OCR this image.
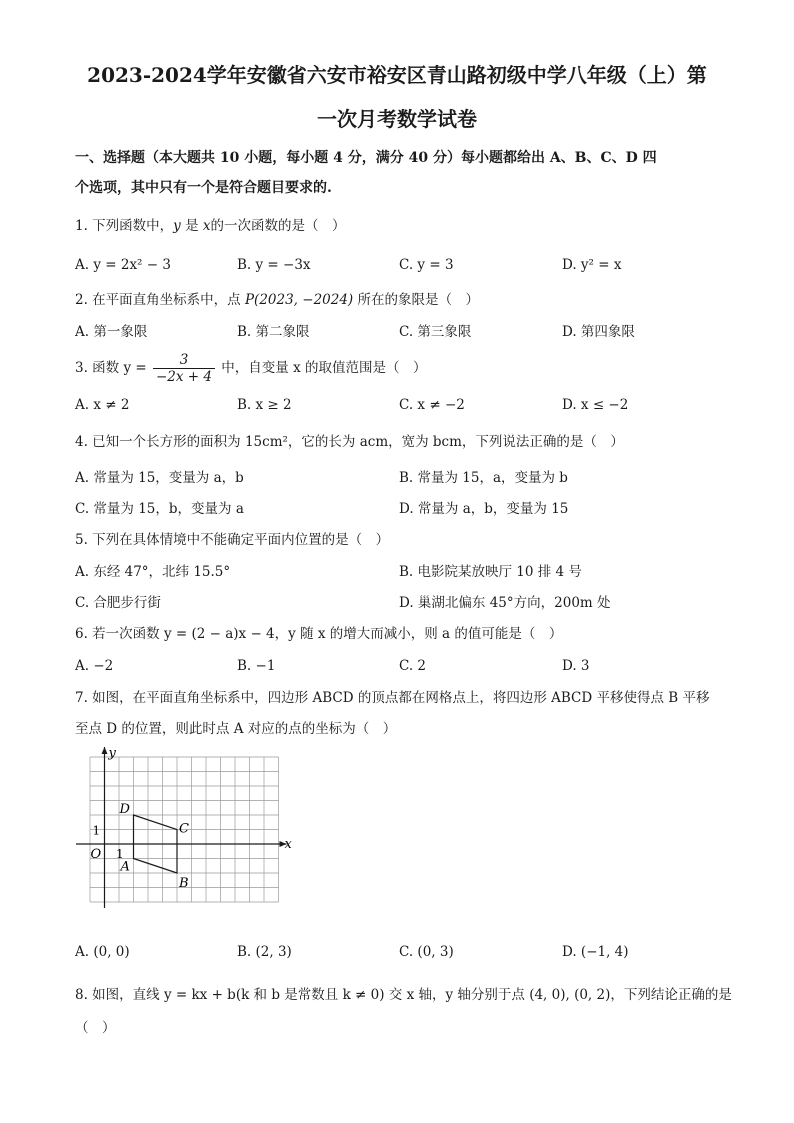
2023-2024学年安徽省六安市裕安区青山路初级中学八年级（上）第
一次月考数学试卷
一、选择题（本大题共 10 小题，每小题 4 分，满分 40 分）每小题都给出 A、B、C、D 四
个选项，其中只有一个是符合题目要求的.
1. 下列函数中，y 是 x的一次函数的是（　）
A. y = 2x² − 3	B. y = −3x	C. y = 3	D. y² = x
2. 在平面直角坐标系中，点 P(2023, −2024) 所在的象限是（　）
A. 第一象限	B. 第二象限	C. 第三象限	D. 第四象限
3. 函数 $y = \frac{3}{-2x + 4}$ 中，自变量 x 的取值范围是（　）
A. x ≠ 2	B. x ≥ 2	C. x ≠ −2	D. x ≤ −2
4. 已知一个长方形的面积为 15cm²，它的长为 acm，宽为 bcm，下列说法正确的是（　）
A. 常量为 15，变量为 a，b	B. 常量为 15，a，变量为 b
C. 常量为 15，b，变量为 a	D. 常量为 a，b，变量为 15
5. 下列在具体情境中不能确定平面内位置的是（　）
A. 东经 47°，北纬 15.5°	B. 电影院某放映厅 10 排 4 号
C. 合肥步行街	D. 巢湖北偏东 45°方向，200m 处
6. 若一次函数 y = (2 − a)x − 4，y 随 x 的增大而减小，则 a 的值可能是（　）
A. −2	B. −1	C. 2	D. 3
7. 如图，在平面直角坐标系中，四边形 ABCD 的顶点都在网格点上，将四边形 ABCD 平移使得点 B 平移
至点 D 的位置，则此时点 A 对应的点的坐标为（　）
x
y
O 1
1
A
B
C
D
A. (0, 0)	B. (2, 3)	C. (0, 3)	D. (−1, 4)
8. 如图，直线 y = kx + b(k 和 b 是常数且 k ≠ 0) 交 x 轴，y 轴分别于点 (4, 0), (0, 2)，下列结论正确的是
（　）
